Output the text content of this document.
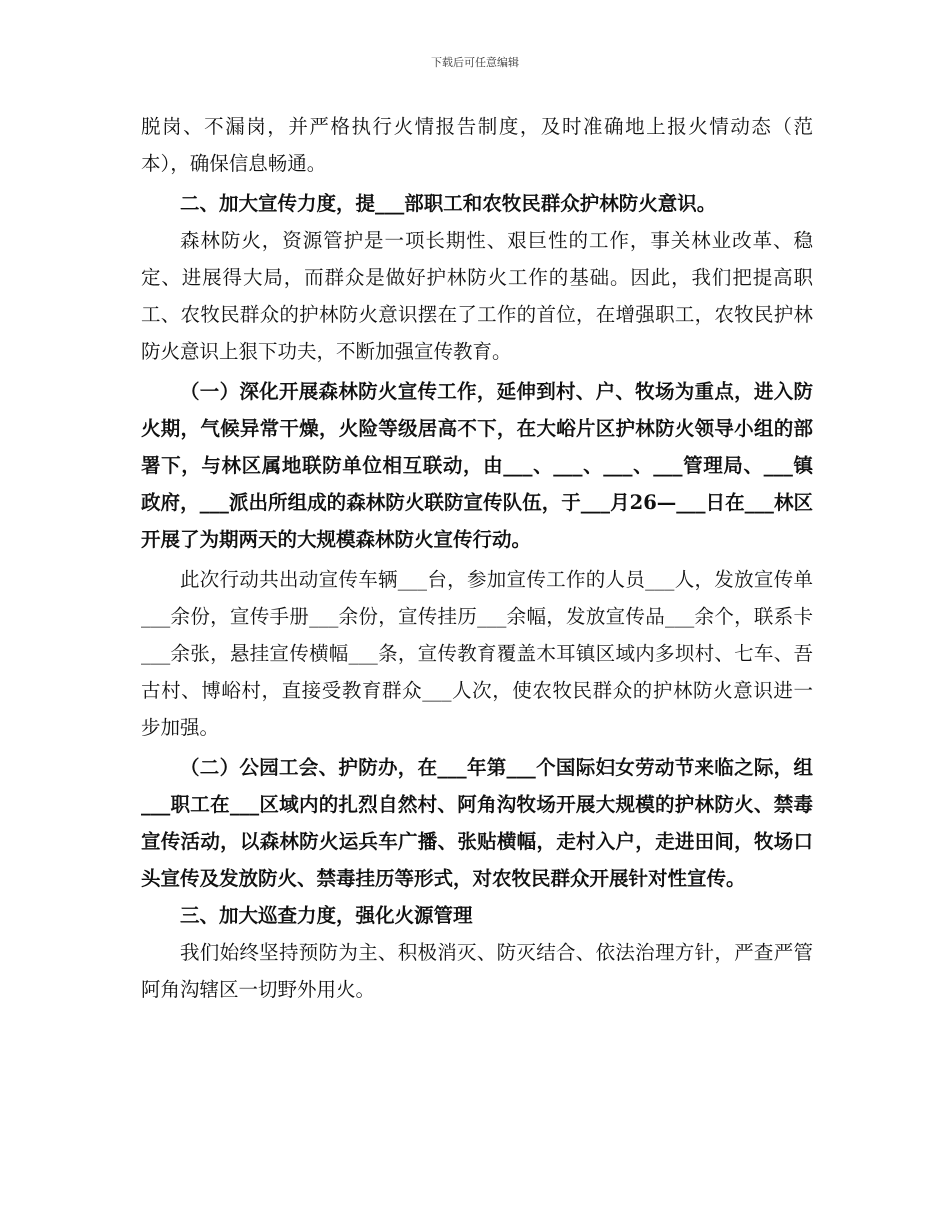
下载后可任意编辑

脱岗、不漏岗，并严格执行火情报告制度，及时准确地上报火情动态（范本），确保信息畅通。

二、加大宣传力度，提___部职工和农牧民群众护林防火意识。

森林防火，资源管护是一项长期性、艰巨性的工作，事关林业改革、稳定、进展得大局，而群众是做好护林防火工作的基础。因此，我们把提高职工、农牧民群众的护林防火意识摆在了工作的首位，在增强职工，农牧民护林防火意识上狠下功夫，不断加强宣传教育。

（一）深化开展森林防火宣传工作，延伸到村、户、牧场为重点，进入防火期，气候异常干燥，火险等级居高不下，在大峪片区护林防火领导小组的部署下，与林区属地联防单位相互联动，由___、___、___、___管理局、___镇政府，___派出所组成的森林防火联防宣传队伍，于___月26—___日在___林区开展了为期两天的大规模森林防火宣传行动。

此次行动共出动宣传车辆___台，参加宣传工作的人员___人，发放宣传单___余份，宣传手册___余份，宣传挂历___余幅，发放宣传品___余个，联系卡___余张，悬挂宣传横幅___条，宣传教育覆盖木耳镇区域内多坝村、七车、吾古村、博峪村，直接受教育群众___人次，使农牧民群众的护林防火意识进一步加强。

（二）公园工会、护防办，在___年第___个国际妇女劳动节来临之际，组___职工在___区域内的扎烈自然村、阿角沟牧场开展大规模的护林防火、禁毒宣传活动，以森林防火运兵车广播、张贴横幅，走村入户，走进田间，牧场口头宣传及发放防火、禁毒挂历等形式，对农牧民群众开展针对性宣传。

三、加大巡查力度，强化火源管理

我们始终坚持预防为主、积极消灭、防灭结合、依法治理方针，严查严管阿角沟辖区一切野外用火。
